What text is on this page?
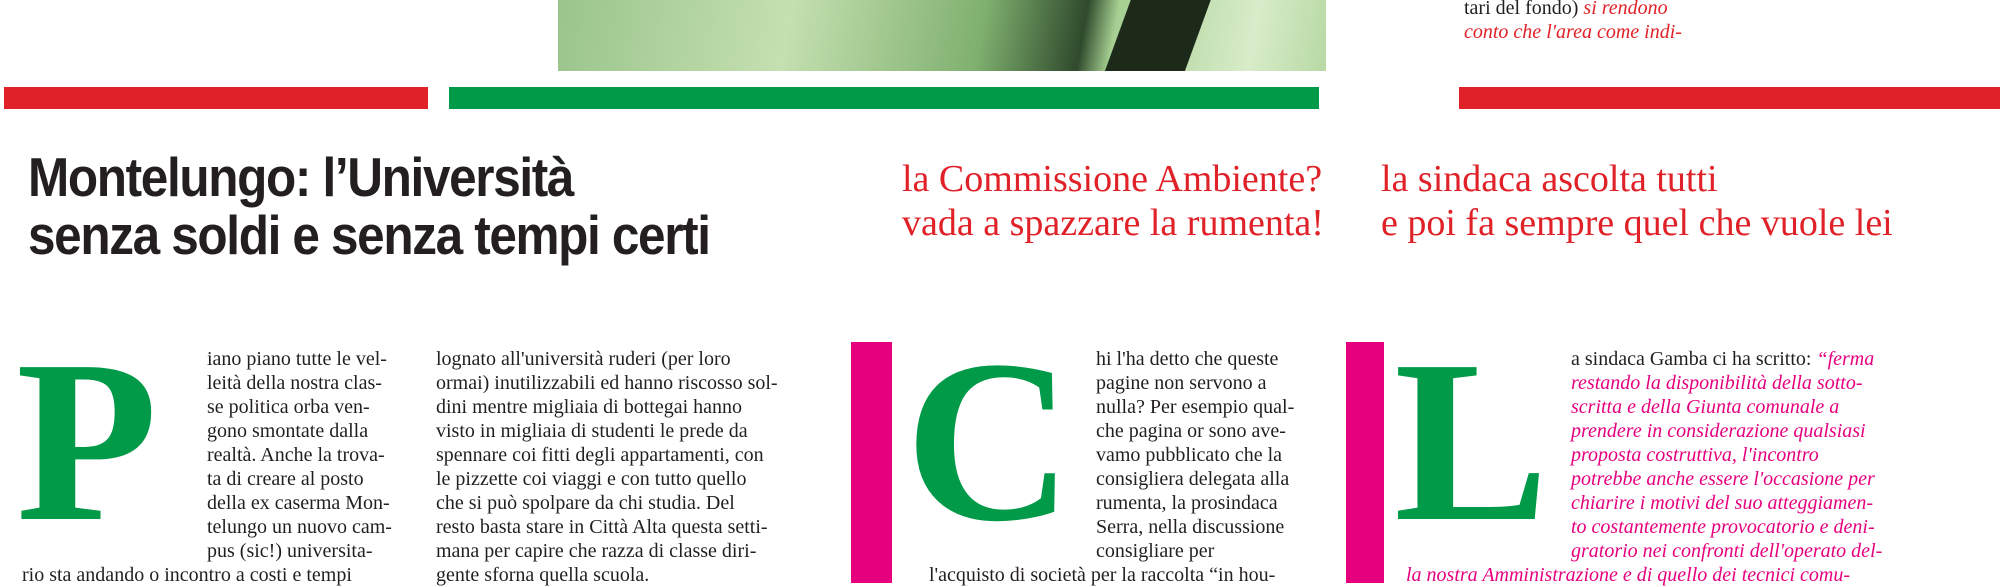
tari del fondo) si rendono
conto che l'area come indi-
Montelungo: l’Università
senza soldi e senza tempi certi
la Commissione Ambiente?
vada a spazzare la rumenta!
la sindaca ascolta tutti
e poi fa sempre quel che vuole lei
P iano piano tutte le vel-
leità della nostra clas-
se politica orba ven-
gono smontate dalla
realtà. Anche la trova-
ta di creare al posto
della ex caserma Mon-
telungo un nuovo cam-
pus (sic!) universita-
rio sta andando o incontro a costi e tempi
lognato all'università ruderi (per loro
ormai) inutilizzabili ed hanno riscosso sol-
dini mentre migliaia di bottegai hanno
visto in migliaia di studenti le prede da
spennare coi fitti degli appartamenti, con
le pizzette coi viaggi e con tutto quello
che si può spolpare da chi studia. Del
resto basta stare in Città Alta questa setti-
mana per capire che razza di classe diri-
gente sforna quella scuola.
C hi l'ha detto che queste
pagine non servono a
nulla? Per esempio qual-
che pagina or sono ave-
vamo pubblicato che la
consigliera delegata alla
rumenta, la prosindaca
Serra, nella discussione
consigliare per
l'acquisto di società per la raccolta “in hou-
L a sindaca Gamba ci ha scritto: “ferma
restando la disponibilità della sotto-
scritta e della Giunta comunale a
prendere in considerazione qualsiasi
proposta costruttiva, l'incontro
potrebbe anche essere l'occasione per
chiarire i motivi del suo atteggiamen-
to costantemente provocatorio e deni-
gratorio nei confronti dell'operato del-
la nostra Amministrazione e di quello dei tecnici comu-
